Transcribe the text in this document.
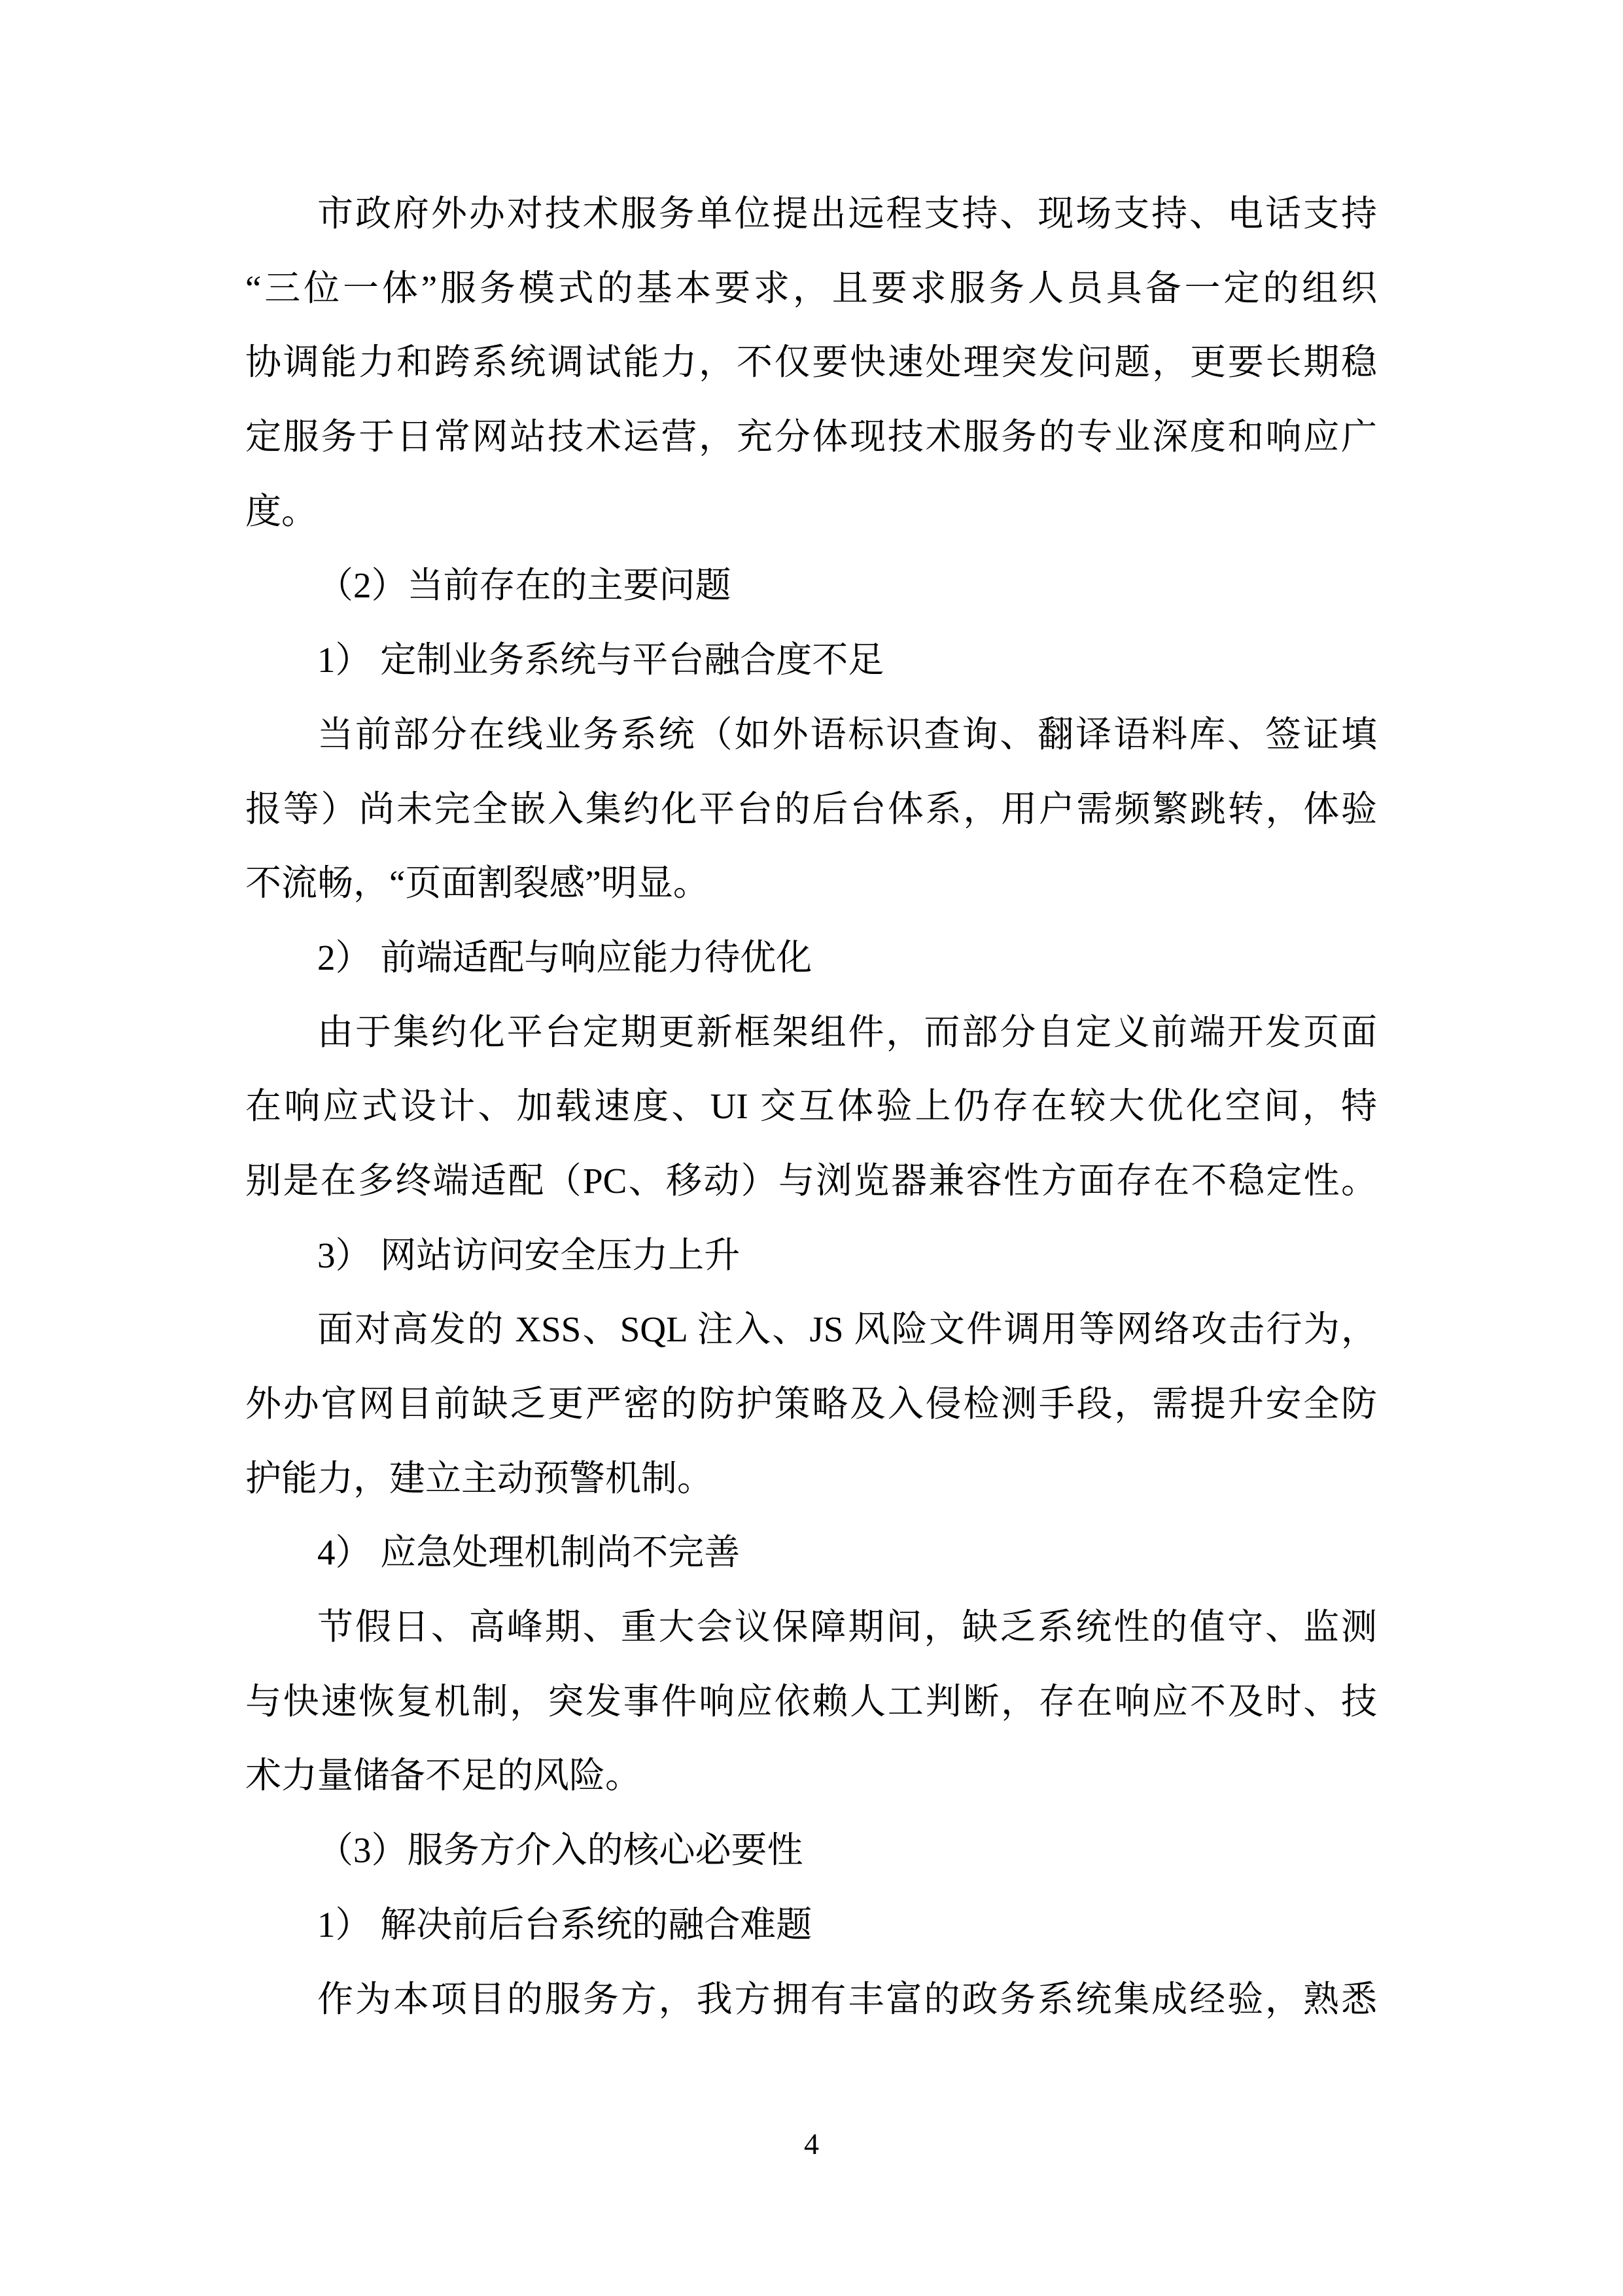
市政府外办对技术服务单位提出远程支持、现场支持、电话支持
“三位一体”服务模式的基本要求，且要求服务人员具备一定的组织
协调能力和跨系统调试能力，不仅要快速处理突发问题，更要长期稳
定服务于日常网站技术运营，充分体现技术服务的专业深度和响应广
度。
（2）当前存在的主要问题
1） 定制业务系统与平台融合度不足
当前部分在线业务系统（如外语标识查询、翻译语料库、签证填
报等）尚未完全嵌入集约化平台的后台体系，用户需频繁跳转，体验
不流畅，“页面割裂感”明显。
2） 前端适配与响应能力待优化
由于集约化平台定期更新框架组件，而部分自定义前端开发页面
在响应式设计、加载速度、UI 交互体验上仍存在较大优化空间，特
别是在多终端适配（PC、移动）与浏览器兼容性方面存在不稳定性。
3） 网站访问安全压力上升
面对高发的 XSS、SQL 注入、JS 风险文件调用等网络攻击行为，
外办官网目前缺乏更严密的防护策略及入侵检测手段，需提升安全防
护能力，建立主动预警机制。
4） 应急处理机制尚不完善
节假日、高峰期、重大会议保障期间，缺乏系统性的值守、监测
与快速恢复机制，突发事件响应依赖人工判断，存在响应不及时、技
术力量储备不足的风险。
（3）服务方介入的核心必要性
1） 解决前后台系统的融合难题
作为本项目的服务方，我方拥有丰富的政务系统集成经验，熟悉
4
